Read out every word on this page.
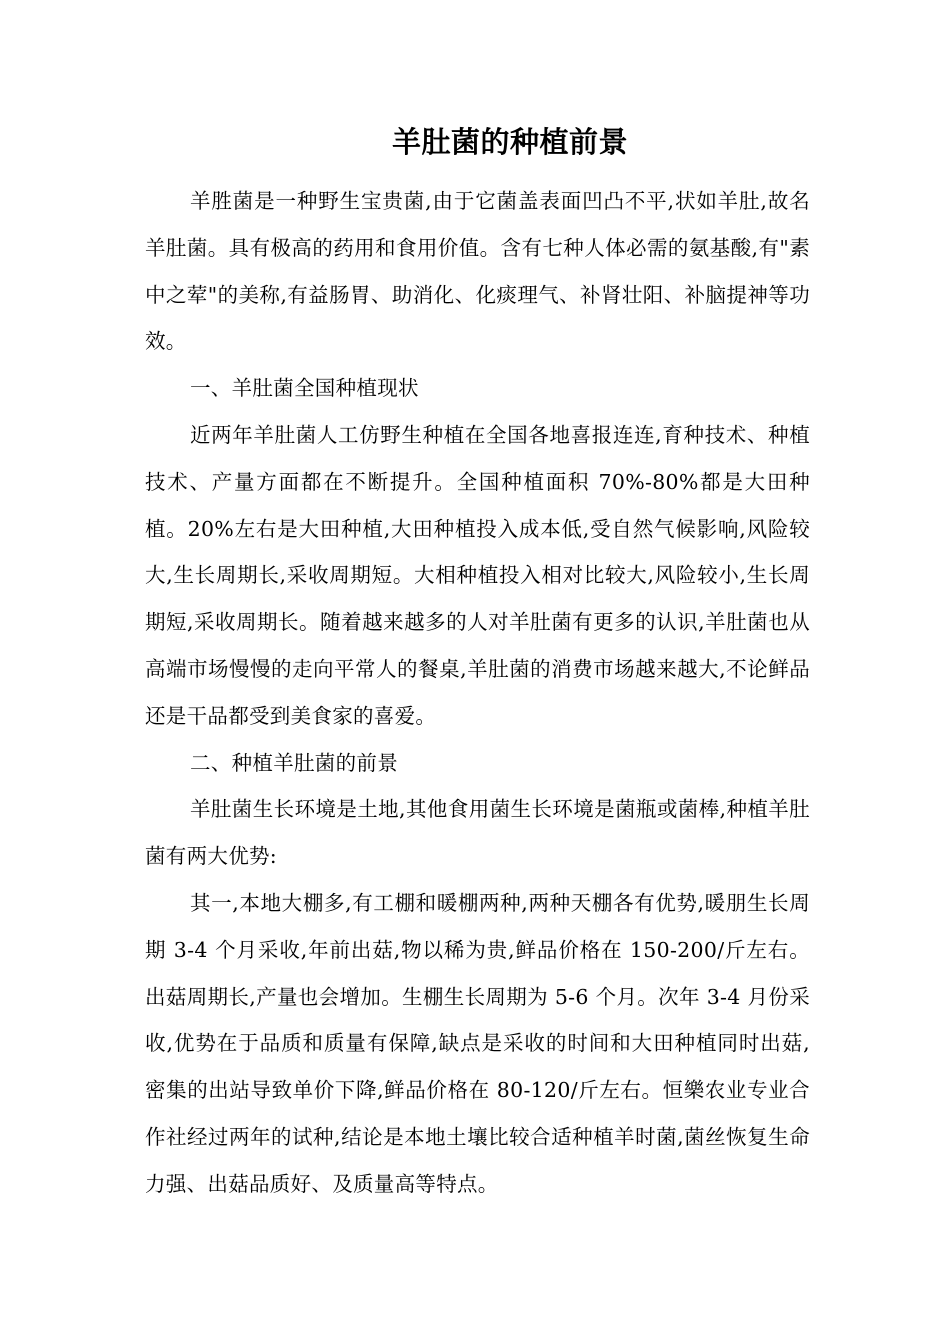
羊肚菌的种植前景

羊胜菌是一种野生宝贵菌,由于它菌盖表面凹凸不平,状如羊肚,故名羊肚菌。具有极高的药用和食用价值。含有七种人体必需的氨基酸,有"素中之荤"的美称,有益肠胃、助消化、化痰理气、补肾壮阳、补脑提神等功效。

一、羊肚菌全国种植现状

近两年羊肚菌人工仿野生种植在全国各地喜报连连,育种技术、种植技术、产量方面都在不断提升。全国种植面积 70%-80%都是大田种植。20%左右是大田种植,大田种植投入成本低,受自然气候影响,风险较大,生长周期长,采收周期短。大相种植投入相对比较大,风险较小,生长周期短,采收周期长。随着越来越多的人对羊肚菌有更多的认识,羊肚菌也从高端市场慢慢的走向平常人的餐桌,羊肚菌的消费市场越来越大,不论鲜品还是干品都受到美食家的喜爱。

二、种植羊肚菌的前景

羊肚菌生长环境是土地,其他食用菌生长环境是菌瓶或菌棒,种植羊肚菌有两大优势:

其一,本地大棚多,有工棚和暖棚两种,两种天棚各有优势,暖朋生长周期 3-4 个月采收,年前出菇,物以稀为贵,鲜品价格在 150-200/斤左右。出菇周期长,产量也会增加。生棚生长周期为 5-6 个月。次年 3-4 月份采收,优势在于品质和质量有保障,缺点是采收的时间和大田种植同时出菇,密集的出站导致单价下降,鲜品价格在 80-120/斤左右。恒樂农业专业合作社经过两年的试种,结论是本地土壤比较合适种植羊时菌,菌丝恢复生命力强、出菇品质好、及质量高等特点。
